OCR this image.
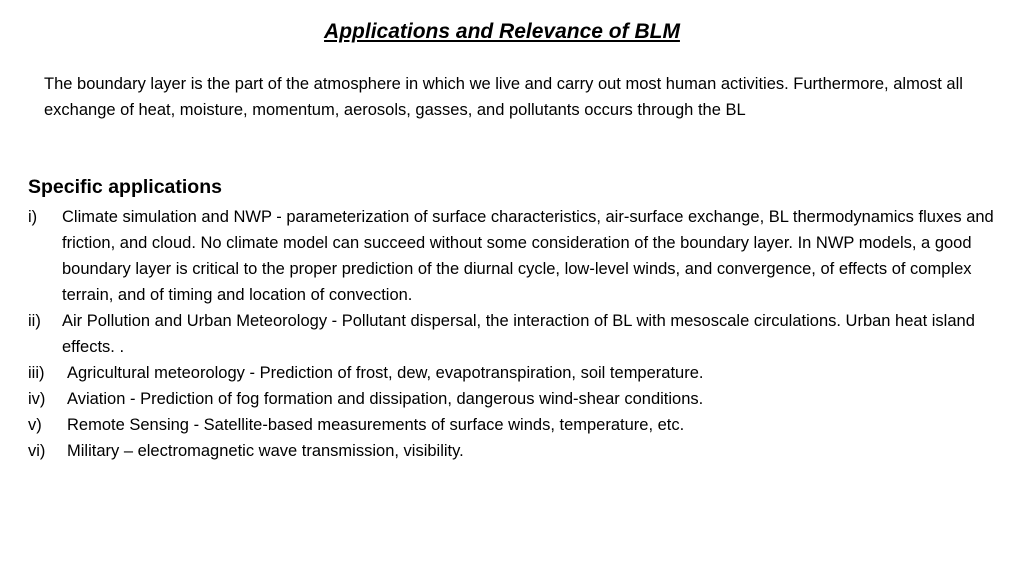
Applications and Relevance of BLM
The boundary layer is the part of the atmosphere in which we live and carry out most human activities. Furthermore, almost all exchange of heat, moisture, momentum, aerosols, gasses, and pollutants occurs through the BL
Specific applications
i)	Climate simulation and NWP - parameterization of surface characteristics, air-surface exchange, BL thermodynamics fluxes and friction, and cloud. No climate model can succeed without some consideration of the boundary layer. In NWP models, a good boundary layer is critical to the proper prediction of the diurnal cycle, low-level winds, and convergence, of effects of complex terrain, and of timing and location of convection.
ii)	Air Pollution and Urban Meteorology - Pollutant dispersal, the interaction of BL with mesoscale circulations. Urban heat island effects. .
iii)	Agricultural meteorology - Prediction of frost, dew, evapotranspiration, soil temperature.
iv)	Aviation - Prediction of fog formation and dissipation, dangerous wind-shear conditions.
v)	Remote Sensing - Satellite-based measurements of surface winds, temperature, etc.
vi)	Military – electromagnetic wave transmission, visibility.
